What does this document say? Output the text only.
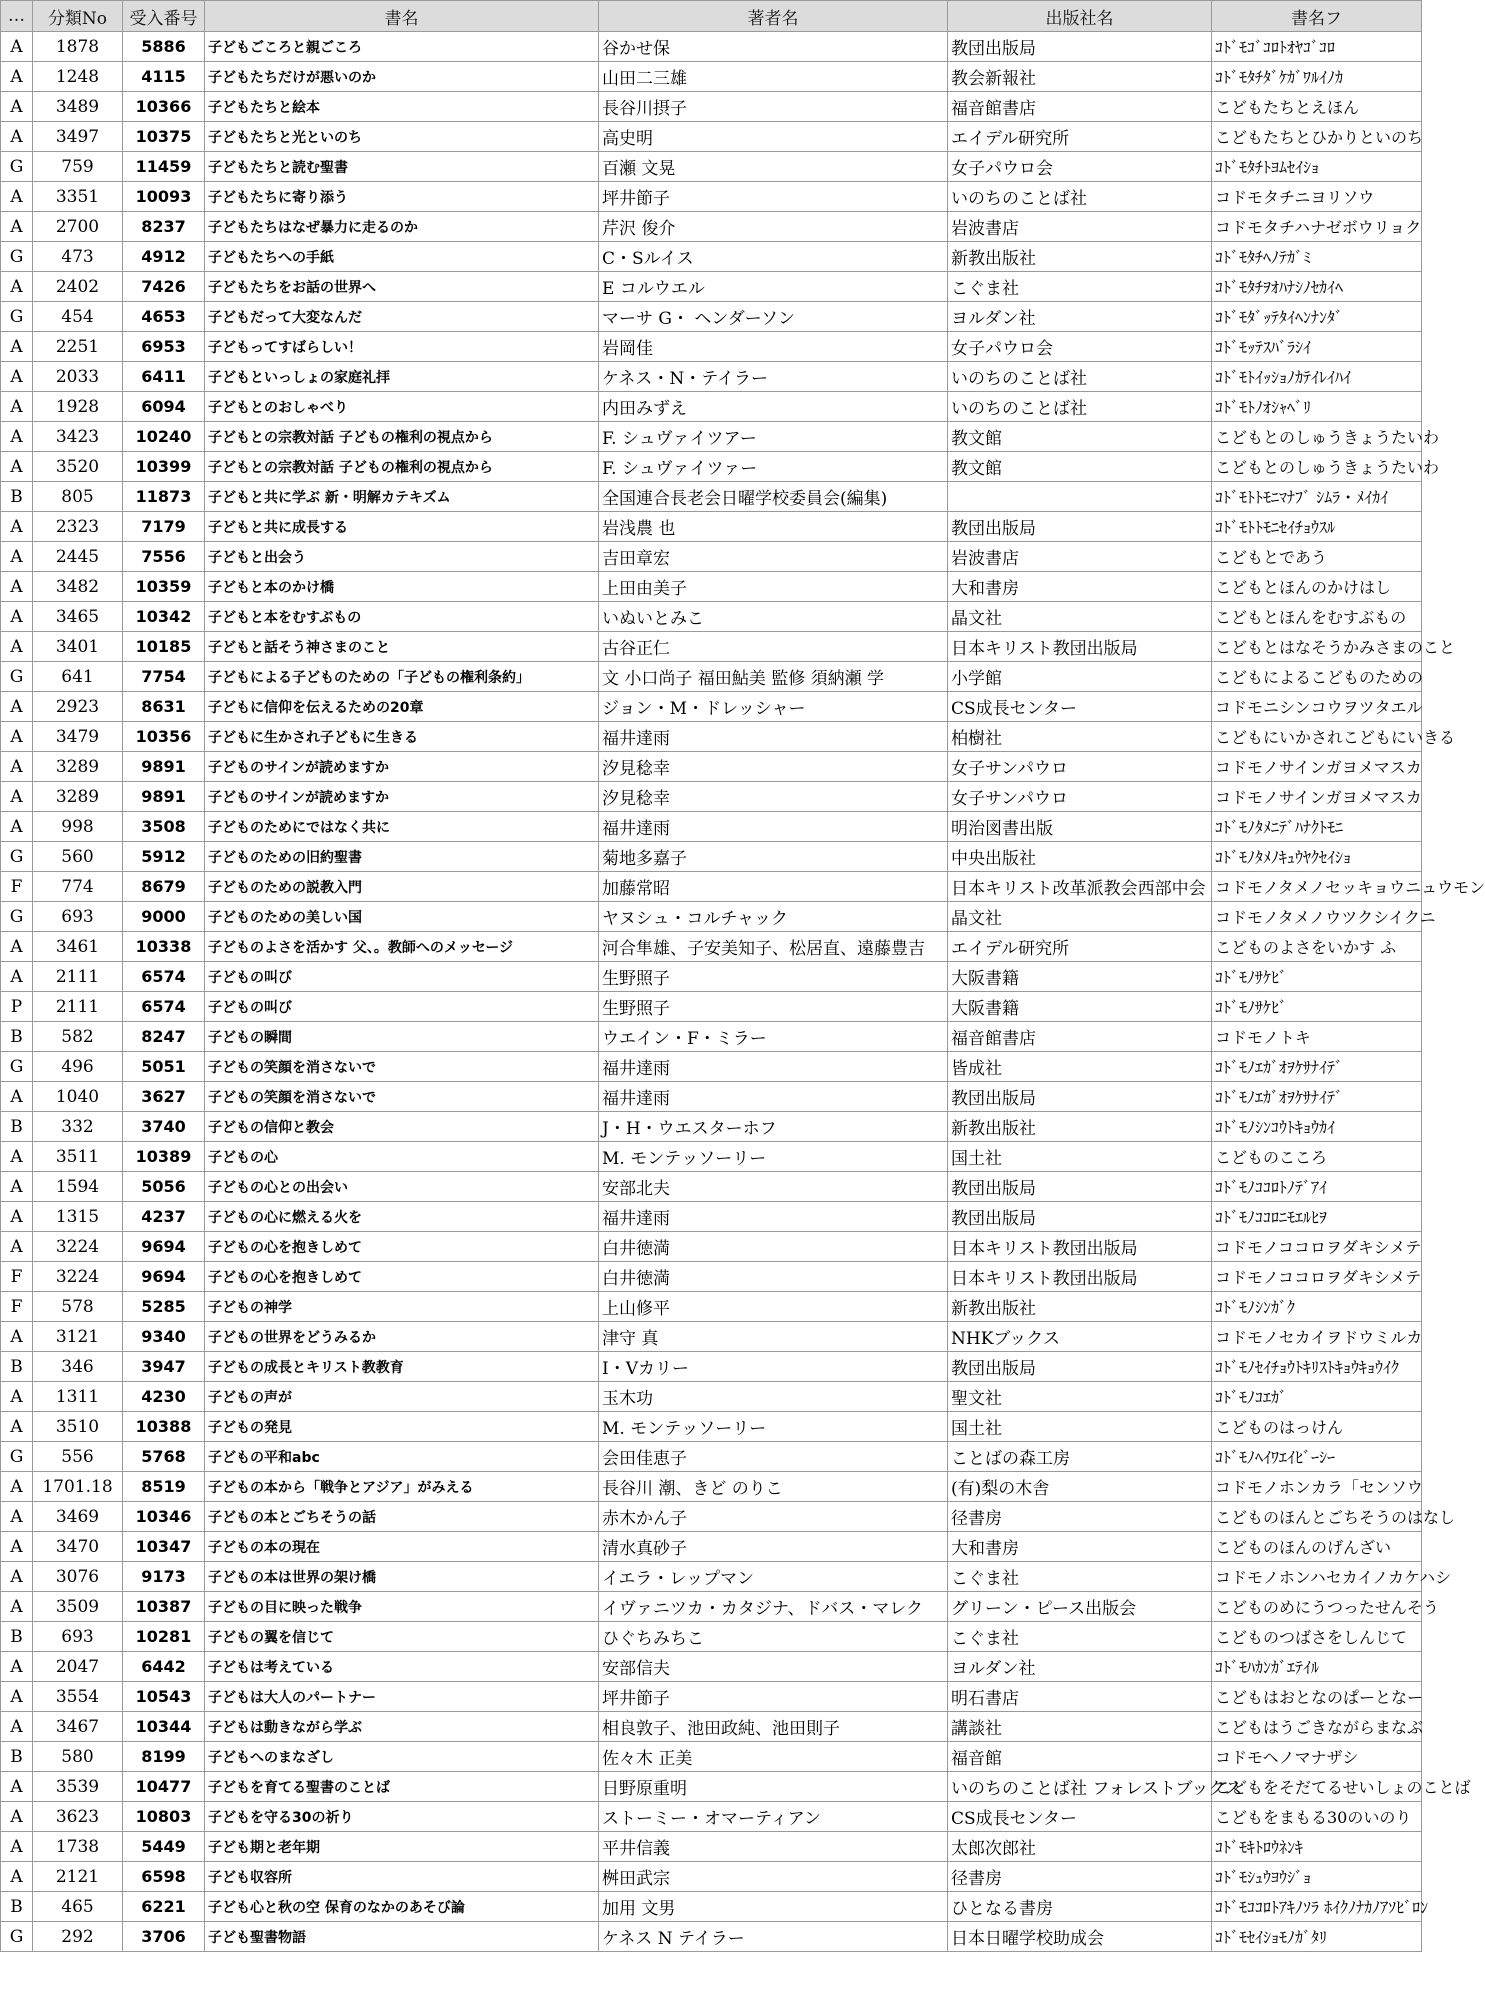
…	分類No	受入番号	書名	著者名	出版社名	書名フ
A	1878	5886	子どもごころと親ごころ	谷かせ保	教団出版局	ｺﾄﾞﾓｺﾞｺﾛﾄｵﾔｺﾞｺﾛ
A	1248	4115	子どもたちだけが悪いのか	山田二三雄	教会新報社	ｺﾄﾞﾓﾀﾁﾀﾞｹｶﾞﾜﾙｲﾉｶ
A	3489	10366	子どもたちと絵本	長谷川摂子	福音館書店	こどもたちとえほん
A	3497	10375	子どもたちと光といのち	高史明	エイデル研究所	こどもたちとひかりといのち
G	759	11459	子どもたちと読む聖書	百瀬 文晃	女子パウロ会	ｺﾄﾞﾓﾀﾁﾄﾖﾑｾｲｼｮ
A	3351	10093	子どもたちに寄り添う	坪井節子	いのちのことば社	コドモタチニヨリソウ
A	2700	8237	子どもたちはなぜ暴力に走るのか	芹沢 俊介	岩波書店	コドモタチハナゼボウリョク
G	473	4912	子どもたちへの手紙	C・Sルイス	新教出版社	ｺﾄﾞﾓﾀﾁﾍﾉﾃｶﾞﾐ
A	2402	7426	子どもたちをお話の世界へ	E コルウエル	こぐま社	ｺﾄﾞﾓﾀﾁｦｵﾊﾅｼﾉｾｶｲﾍ
G	454	4653	子どもだって大変なんだ	マーサ G・ ヘンダーソン	ヨルダン社	ｺﾄﾞﾓﾀﾞｯﾃﾀｲﾍﾝﾅﾝﾀﾞ
A	2251	6953	子どもってすばらしい！	岩岡佳	女子パウロ会	ｺﾄﾞﾓｯﾃｽﾊﾞﾗｼｲ
A	2033	6411	子どもといっしょの家庭礼拝	ケネス・N・テイラー	いのちのことば社	ｺﾄﾞﾓﾄｲｯｼｮﾉｶﾃｲﾚｲﾊｲ
A	1928	6094	子どもとのおしゃべり	内田みずえ	いのちのことば社	ｺﾄﾞﾓﾄﾉｵｼｬﾍﾞﾘ
A	3423	10240	子どもとの宗教対話 子どもの権利の視点から	F. シュヴァイツアー	教文館	こどもとのしゅうきょうたいわ
A	3520	10399	子どもとの宗教対話 子どもの権利の視点から	F. シュヴァイツァー	教文館	こどもとのしゅうきょうたいわ
B	805	11873	子どもと共に学ぶ 新・明解カテキズム	全国連合長老会日曜学校委員会(編集)		ｺﾄﾞﾓﾄﾄﾓﾆﾏﾅﾌﾞ ｼﾑﾗ・ﾒｲｶｲ
A	2323	7179	子どもと共に成長する	岩浅農 也	教団出版局	ｺﾄﾞﾓﾄﾄﾓﾆｾｲﾁｮｳｽﾙ
A	2445	7556	子どもと出会う	吉田章宏	岩波書店	こどもとであう
A	3482	10359	子どもと本のかけ橋	上田由美子	大和書房	こどもとほんのかけはし
A	3465	10342	子どもと本をむすぶもの	いぬいとみこ	晶文社	こどもとほんをむすぶもの
A	3401	10185	子どもと話そう神さまのこと	古谷正仁	日本キリスト教団出版局	こどもとはなそうかみさまのこと
G	641	7754	子どもによる子どものための「子どもの権利条約」	文 小口尚子 福田鮎美 監修 須納瀬 学	小学館	こどもによるこどものための
A	2923	8631	子どもに信仰を伝えるための20章	ジョン・M・ドレッシャー	CS成長センター	コドモニシンコウヲツタエル
A	3479	10356	子どもに生かされ子どもに生きる	福井達雨	柏樹社	こどもにいかされこどもにいきる
A	3289	9891	子どものサインが読めますか	汐見稔幸	女子サンパウロ	コドモノサインガヨメマスカ
A	3289	9891	子どものサインが読めますか	汐見稔幸	女子サンパウロ	コドモノサインガヨメマスカ
A	998	3508	子どものためにではなく共に	福井達雨	明治図書出版	ｺﾄﾞﾓﾉﾀﾒﾆﾃﾞﾊﾅｸﾄﾓﾆ
G	560	5912	子どものための旧約聖書	菊地多嘉子	中央出版社	ｺﾄﾞﾓﾉﾀﾒﾉｷｭｳﾔｸｾｲｼｮ
F	774	8679	子どものための説教入門	加藤常昭	日本キリスト改革派教会西部中会	コドモノタメノセッキョウニュウモン
G	693	9000	子どものための美しい国	ヤヌシュ・コルチャック	晶文社	コドモノタメノウツクシイクニ
A	3461	10338	子どものよさを活かす 父、。教師へのメッセージ	河合隼雄、子安美知子、松居直、遠藤豊吉	エイデル研究所	こどものよさをいかす ふ
A	2111	6574	子どもの叫び	生野照子	大阪書籍	ｺﾄﾞﾓﾉｻｹﾋﾞ
P	2111	6574	子どもの叫び	生野照子	大阪書籍	ｺﾄﾞﾓﾉｻｹﾋﾞ
B	582	8247	子どもの瞬間	ウエイン・F・ミラー	福音館書店	コドモノトキ
G	496	5051	子どもの笑顔を消さないで	福井達雨	皆成社	ｺﾄﾞﾓﾉｴｶﾞｵｦｹｻﾅｲﾃﾞ
A	1040	3627	子どもの笑顔を消さないで	福井達雨	教団出版局	ｺﾄﾞﾓﾉｴｶﾞｵｦｹｻﾅｲﾃﾞ
B	332	3740	子どもの信仰と教会	J・H・ウエスターホフ	新教出版社	ｺﾄﾞﾓﾉｼﾝｺｳﾄｷｮｳｶｲ
A	3511	10389	子どもの心	M. モンテッソーリー	国土社	こどものこころ
A	1594	5056	子どもの心との出会い	安部北夫	教団出版局	ｺﾄﾞﾓﾉｺｺﾛﾄﾉﾃﾞｱｲ
A	1315	4237	子どもの心に燃える火を	福井達雨	教団出版局	ｺﾄﾞﾓﾉｺｺﾛﾆﾓｴﾙﾋｦ
A	3224	9694	子どもの心を抱きしめて	白井徳満	日本キリスト教団出版局	コドモノココロヲダキシメテ
F	3224	9694	子どもの心を抱きしめて	白井徳満	日本キリスト教団出版局	コドモノココロヲダキシメテ
F	578	5285	子どもの神学	上山修平	新教出版社	ｺﾄﾞﾓﾉｼﾝｶﾞｸ
A	3121	9340	子どもの世界をどうみるか	津守 真	NHKブックス	コドモノセカイヲドウミルカ
B	346	3947	子どもの成長とキリスト教教育	I・Vカリー	教団出版局	ｺﾄﾞﾓﾉｾｲﾁｮｳﾄｷﾘｽﾄｷｮｳｷｮｳｲｸ
A	1311	4230	子どもの声が	玉木功	聖文社	ｺﾄﾞﾓﾉｺｴｶﾞ
A	3510	10388	子どもの発見	M. モンテッソーリー	国土社	こどものはっけん
G	556	5768	子どもの平和abc	会田佳恵子	ことばの森工房	ｺﾄﾞﾓﾉﾍｲﾜｴｲﾋﾞｰｼｰ
A	1701.18	8519	子どもの本から「戦争とアジア」がみえる	長谷川 潮、きど のりこ	(有)梨の木舎	コドモノホンカラ「センソウ
A	3469	10346	子どもの本とごちそうの話	赤木かん子	径書房	こどものほんとごちそうのはなし
A	3470	10347	子どもの本の現在	清水真砂子	大和書房	こどものほんのげんざい
A	3076	9173	子どもの本は世界の架け橋	イエラ・レップマン	こぐま社	コドモノホンハセカイノカケハシ
A	3509	10387	子どもの目に映った戦争	イヴァニツカ・カタジナ、ドバス・マレク	グリーン・ピース出版会	こどものめにうつったせんそう
B	693	10281	子どもの翼を信じて	ひぐちみちこ	こぐま社	こどものつばさをしんじて
A	2047	6442	子どもは考えている	安部信夫	ヨルダン社	ｺﾄﾞﾓﾊｶﾝｶﾞｴﾃｲﾙ
A	3554	10543	子どもは大人のパートナー	坪井節子	明石書店	こどもはおとなのぱーとなー
A	3467	10344	子どもは動きながら学ぶ	相良敦子、池田政純、池田則子	講談社	こどもはうごきながらまなぶ
B	580	8199	子どもへのまなざし	佐々木 正美	福音館	コドモヘノマナザシ
A	3539	10477	子どもを育てる聖書のことば	日野原重明	いのちのことば社 フォレストブックス	こどもをそだてるせいしょのことば
A	3623	10803	子どもを守る30の祈り	ストーミー・オマーティアン	CS成長センター	こどもをまもる30のいのり
A	1738	5449	子ども期と老年期	平井信義	太郎次郎社	ｺﾄﾞﾓｷﾄﾛｳﾈﾝｷ
A	2121	6598	子ども収容所	桝田武宗	径書房	ｺﾄﾞﾓｼｭｳﾖｳｼﾞｮ
B	465	6221	子ども心と秋の空 保育のなかのあそび論	加用 文男	ひとなる書房	ｺﾄﾞﾓｺｺﾛﾄｱｷﾉｿﾗ ﾎｲｸﾉﾅｶﾉｱｿﾋﾞﾛﾝ
G	292	3706	子ども聖書物語	ケネス N テイラー	日本日曜学校助成会	ｺﾄﾞﾓｾｲｼｮﾓﾉｶﾞﾀﾘ
